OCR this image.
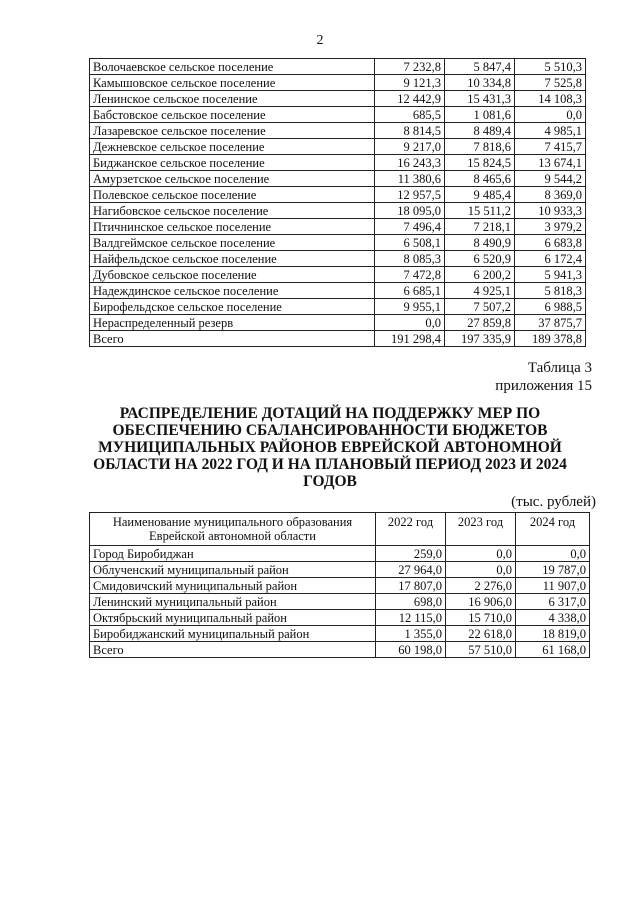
2
Волочаевское сельское поселение	7 232,8	5 847,4	5 510,3
Камышовское сельское поселение	9 121,3	10 334,8	7 525,8
Ленинское сельское поселение	12 442,9	15 431,3	14 108,3
Бабстовское сельское поселение	685,5	1 081,6	0,0
Лазаревское сельское поселение	8 814,5	8 489,4	4 985,1
Дежневское сельское поселение	9 217,0	7 818,6	7 415,7
Биджанское сельское поселение	16 243,3	15 824,5	13 674,1
Амурзетское сельское поселение	11 380,6	8 465,6	9 544,2
Полевское сельское поселение	12 957,5	9 485,4	8 369,0
Нагибовское сельское поселение	18 095,0	15 511,2	10 933,3
Птичнинское сельское поселение	7 496,4	7 218,1	3 979,2
Валдгеймское сельское поселение	6 508,1	8 490,9	6 683,8
Найфельдское сельское поселение	8 085,3	6 520,9	6 172,4
Дубовское сельское поселение	7 472,8	6 200,2	5 941,3
Надеждинское сельское поселение	6 685,1	4 925,1	5 818,3
Бирофельдское сельское поселение	9 955,1	7 507,2	6 988,5
Нераспределенный резерв	0,0	27 859,8	37 875,7
Всего	191 298,4	197 335,9	189 378,8
Таблица 3
приложения 15
РАСПРЕДЕЛЕНИЕ ДОТАЦИЙ НА ПОДДЕРЖКУ МЕР ПО ОБЕСПЕЧЕНИЮ СБАЛАНСИРОВАННОСТИ БЮДЖЕТОВ МУНИЦИПАЛЬНЫХ РАЙОНОВ ЕВРЕЙСКОЙ АВТОНОМНОЙ ОБЛАСТИ НА 2022 ГОД И НА ПЛАНОВЫЙ ПЕРИОД 2023 И 2024 ГОДОВ
(тыс. рублей)
Наименование муниципального образования Еврейской автономной области	2022 год	2023 год	2024 год
Город Биробиджан	259,0	0,0	0,0
Облученский муниципальный район	27 964,0	0,0	19 787,0
Смидовичский муниципальный район	17 807,0	2 276,0	11 907,0
Ленинский муниципальный район	698,0	16 906,0	6 317,0
Октябрьский муниципальный район	12 115,0	15 710,0	4 338,0
Биробиджанский муниципальный район	1 355,0	22 618,0	18 819,0
Всего	60 198,0	57 510,0	61 168,0
